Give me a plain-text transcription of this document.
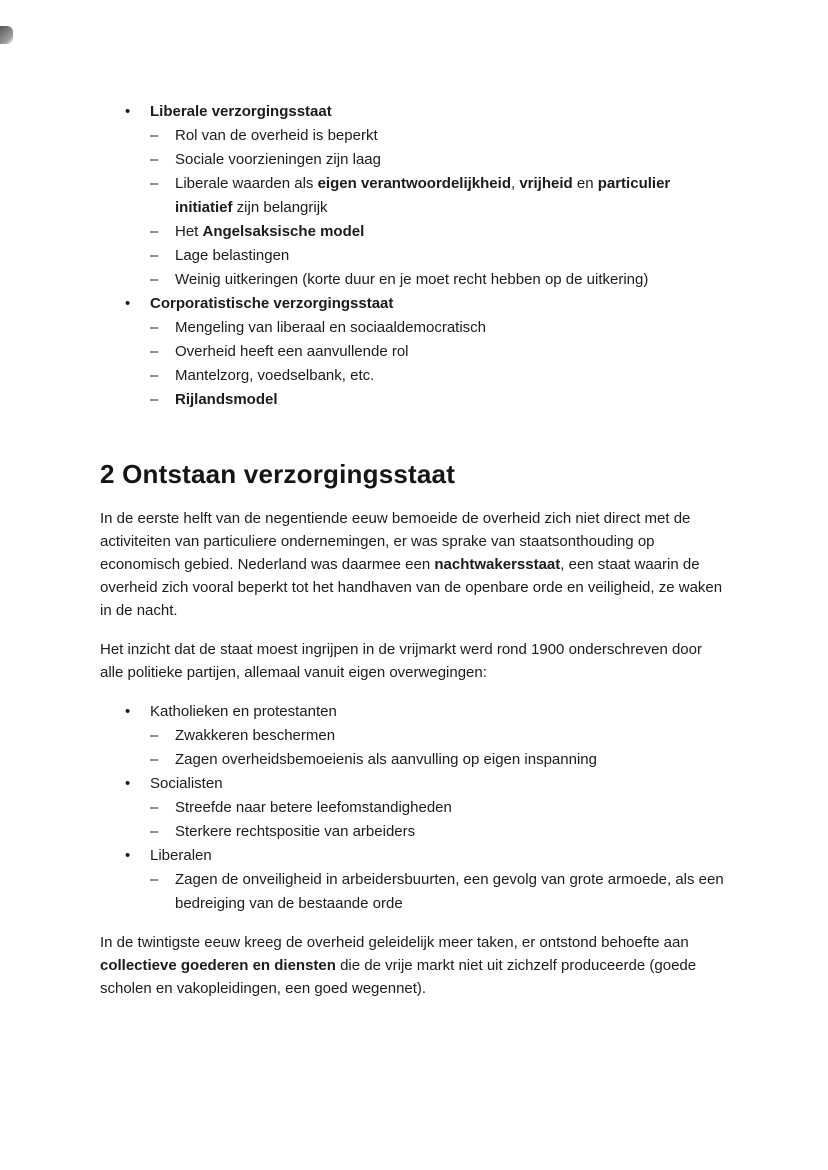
•	Liberale verzorgingsstaat
–	Rol van de overheid is beperkt
–	Sociale voorzieningen zijn laag
–	Liberale waarden als eigen verantwoordelijkheid, vrijheid en particulier initiatief zijn belangrijk
–	Het Angelsaksische model
–	Lage belastingen
–	Weinig uitkeringen (korte duur en je moet recht hebben op de uitkering)
•	Corporatistische verzorgingsstaat
–	Mengeling van liberaal en sociaaldemocratisch
–	Overheid heeft een aanvullende rol
–	Mantelzorg, voedselbank, etc.
–	Rijlandsmodel
2 Ontstaan verzorgingsstaat

In de eerste helft van de negentiende eeuw bemoeide de overheid zich niet direct met de activiteiten van particuliere ondernemingen, er was sprake van staatsonthouding op economisch gebied. Nederland was daarmee een nachtwakersstaat, een staat waarin de overheid zich vooral beperkt tot het handhaven van de openbare orde en veiligheid, ze waken in de nacht.

Het inzicht dat de staat moest ingrijpen in de vrijmarkt werd rond 1900 onderschreven door alle politieke partijen, allemaal vanuit eigen overwegingen:

•	Katholieken en protestanten
–	Zwakkeren beschermen
–	Zagen overheidsbemoeienis als aanvulling op eigen inspanning
•	Socialisten
–	Streefde naar betere leefomstandigheden
–	Sterkere rechtspositie van arbeiders
•	Liberalen
–	Zagen de onveiligheid in arbeidersbuurten, een gevolg van grote armoede, als een bedreiging van de bestaande orde

In de twintigste eeuw kreeg de overheid geleidelijk meer taken, er ontstond behoefte aan collectieve goederen en diensten die de vrije markt niet uit zichzelf produceerde (goede scholen en vakopleidingen, een goed wegennet).
